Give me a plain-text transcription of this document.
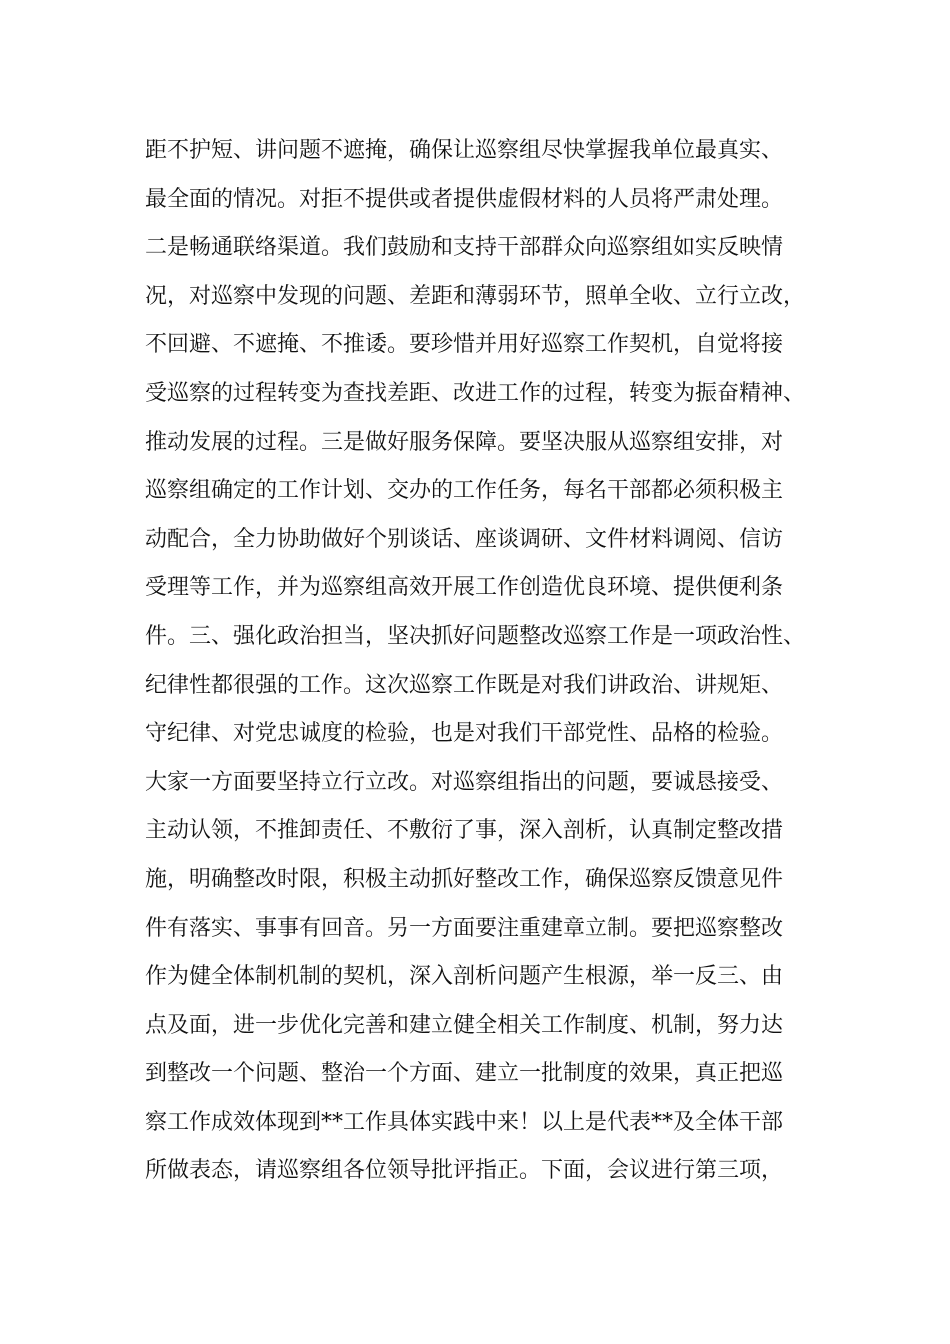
距不护短、讲问题不遮掩，确保让巡察组尽快掌握我单位最真实、
最全面的情况。对拒不提供或者提供虚假材料的人员将严肃处理。
二是畅通联络渠道。我们鼓励和支持干部群众向巡察组如实反映情
况，对巡察中发现的问题、差距和薄弱环节，照单全收、立行立改，
不回避、不遮掩、不推诿。要珍惜并用好巡察工作契机，自觉将接
受巡察的过程转变为查找差距、改进工作的过程，转变为振奋精神、
推动发展的过程。三是做好服务保障。要坚决服从巡察组安排，对
巡察组确定的工作计划、交办的工作任务，每名干部都必须积极主
动配合，全力协助做好个别谈话、座谈调研、文件材料调阅、信访
受理等工作，并为巡察组高效开展工作创造优良环境、提供便利条
件。三、强化政治担当，坚决抓好问题整改巡察工作是一项政治性、
纪律性都很强的工作。这次巡察工作既是对我们讲政治、讲规矩、
守纪律、对党忠诚度的检验，也是对我们干部党性、品格的检验。
大家一方面要坚持立行立改。对巡察组指出的问题，要诚恳接受、
主动认领，不推卸责任、不敷衍了事，深入剖析，认真制定整改措
施，明确整改时限，积极主动抓好整改工作，确保巡察反馈意见件
件有落实、事事有回音。另一方面要注重建章立制。要把巡察整改
作为健全体制机制的契机，深入剖析问题产生根源，举一反三、由
点及面，进一步优化完善和建立健全相关工作制度、机制，努力达
到整改一个问题、整治一个方面、建立一批制度的效果，真正把巡
察工作成效体现到**工作具体实践中来！以上是代表**及全体干部
所做表态，请巡察组各位领导批评指正。下面，会议进行第三项，
